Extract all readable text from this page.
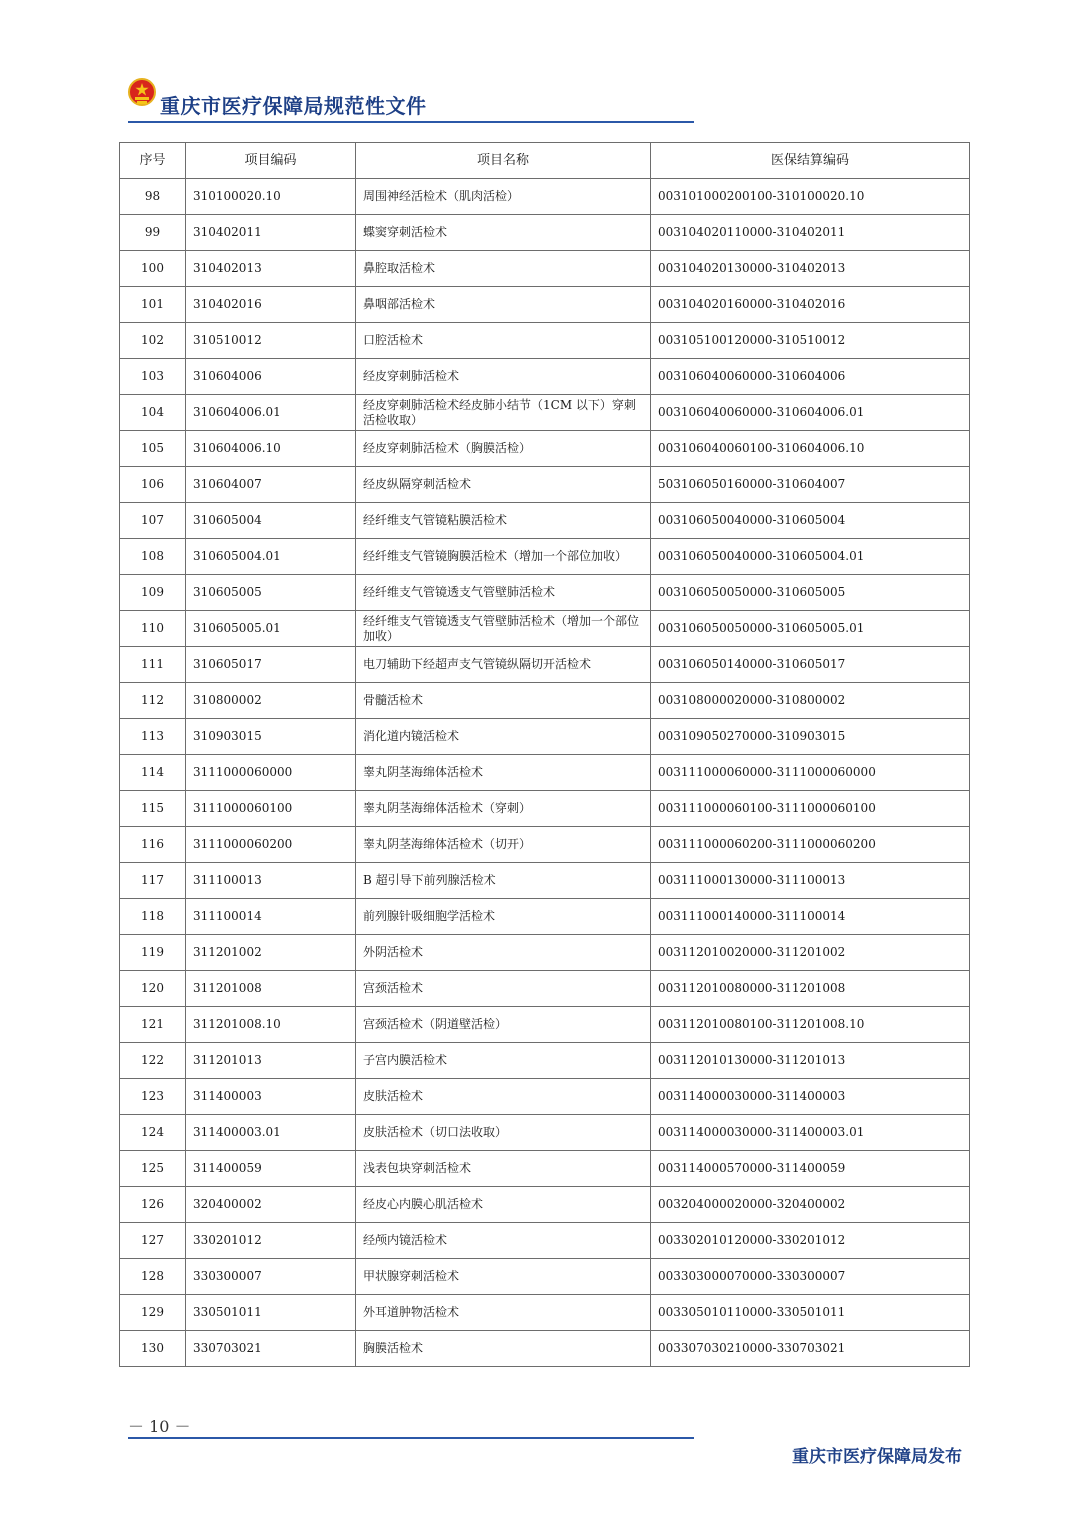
重庆市医疗保障局规范性文件
序号	项目编码	项目名称	医保结算编码
98	310100020.10	周围神经活检术（肌肉活检）	003101000200100-310100020.10
99	310402011	蝶窦穿刺活检术	003104020110000-310402011
100	310402013	鼻腔取活检术	003104020130000-310402013
101	310402016	鼻咽部活检术	003104020160000-310402016
102	310510012	口腔活检术	003105100120000-310510012
103	310604006	经皮穿刺肺活检术	003106040060000-310604006
104	310604006.01	经皮穿刺肺活检术经皮肺小结节（1CM 以下）穿刺活检收取）	003106040060000-310604006.01
105	310604006.10	经皮穿刺肺活检术（胸膜活检）	003106040060100-310604006.10
106	310604007	经皮纵隔穿刺活检术	503106050160000-310604007
107	310605004	经纤维支气管镜粘膜活检术	003106050040000-310605004
108	310605004.01	经纤维支气管镜胸膜活检术（增加一个部位加收）	003106050040000-310605004.01
109	310605005	经纤维支气管镜透支气管壁肺活检术	003106050050000-310605005
110	310605005.01	经纤维支气管镜透支气管壁肺活检术（增加一个部位加收）	003106050050000-310605005.01
111	310605017	电刀辅助下经超声支气管镜纵隔切开活检术	003106050140000-310605017
112	310800002	骨髓活检术	003108000020000-310800002
113	310903015	消化道内镜活检术	003109050270000-310903015
114	3111000060000	睾丸阴茎海绵体活检术	003111000060000-3111000060000
115	3111000060100	睾丸阴茎海绵体活检术（穿刺）	003111000060100-3111000060100
116	3111000060200	睾丸阴茎海绵体活检术（切开）	003111000060200-3111000060200
117	311100013	B 超引导下前列腺活检术	003111000130000-311100013
118	311100014	前列腺针吸细胞学活检术	003111000140000-311100014
119	311201002	外阴活检术	003112010020000-311201002
120	311201008	宫颈活检术	003112010080000-311201008
121	311201008.10	宫颈活检术（阴道壁活检）	003112010080100-311201008.10
122	311201013	子宫内膜活检术	003112010130000-311201013
123	311400003	皮肤活检术	003114000030000-311400003
124	311400003.01	皮肤活检术（切口法收取）	003114000030000-311400003.01
125	311400059	浅表包块穿刺活检术	003114000570000-311400059
126	320400002	经皮心内膜心肌活检术	003204000020000-320400002
127	330201012	经颅内镜活检术	003302010120000-330201012
128	330300007	甲状腺穿刺活检术	003303000070000-330300007
129	330501011	外耳道肿物活检术	003305010110000-330501011
130	330703021	胸膜活检术	003307030210000-330703021
－ 10 －
重庆市医疗保障局发布
